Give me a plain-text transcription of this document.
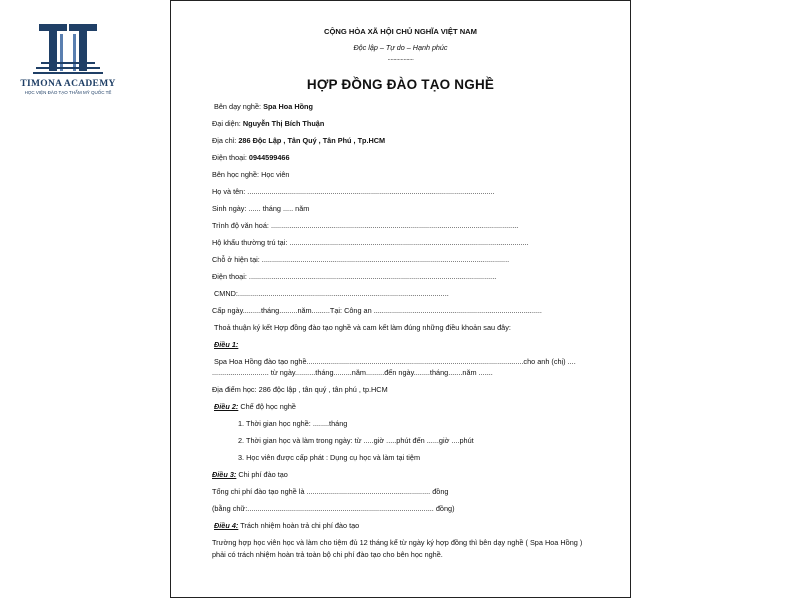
TIMONA ACADEMY
HỌC VIỆN ĐÀO TẠO THẨM MỸ QUỐC TẾ
CỘNG HÒA XÃ HỘI CHỦ NGHĨA VIỆT NAM
Độc lập – Tự do – Hạnh phúc
..................
HỢP ĐỒNG ĐÀO TẠO NGHỀ
Bên dạy nghề: Spa Hoa Hồng
Đại diện: Nguyễn Thị Bích Thuận
Địa chỉ: 286 Độc Lập , Tân Quý , Tân Phú , Tp.HCM
Điện thoại: 0944599466
Bên học nghề: Học viên
Họ và tên: ..........................................................................................................................
Sinh ngày: ...... tháng ..... năm
Trình độ văn hoá: ..........................................................................................................................
Hộ khẩu thường trú tại: ......................................................................................................................
Chỗ ở hiện tại: ..........................................................................................................................
Điện thoại: ..........................................................................................................................
CMND:........................................................................................................
Cấp ngày.........tháng.........năm.........Tại: Công an ...................................................................................
Thoả thuận ký kết Hợp đồng đào tạo nghề và cam kết làm đúng những điều khoản sau đây:
Điều 1:
Spa Hoa Hồng đào tạo nghề...........................................................................................................cho anh (chị) ....
............................ từ ngày..........tháng.........năm.........đến ngày........tháng.......năm .......
Địa điểm học: 286 độc lập , tân quý , tân phú , tp.HCM
Điều 2: Chế độ học nghề
1. Thời gian học nghề: ........tháng
2. Thời gian học và làm trong ngày: từ .....giờ .....phút đến ......giờ ....phút
3. Học viên được cấp phát : Dụng cụ học và làm tại tiệm
Điều 3: Chi phí đào tạo
Tổng chi phí đào tạo nghề là ............................................................. đồng
(bằng chữ:............................................................................................ đồng)
Điều 4: Trách nhiệm hoàn trả chi phí đào tạo
Trường hợp học viên học và làm cho tiệm đủ 12 tháng kể từ ngày ký hợp đồng thì bên dạy nghề ( Spa Hoa Hồng )
phải có trách nhiệm hoàn trả toàn bộ chi phí đào tạo cho bên học nghề.
